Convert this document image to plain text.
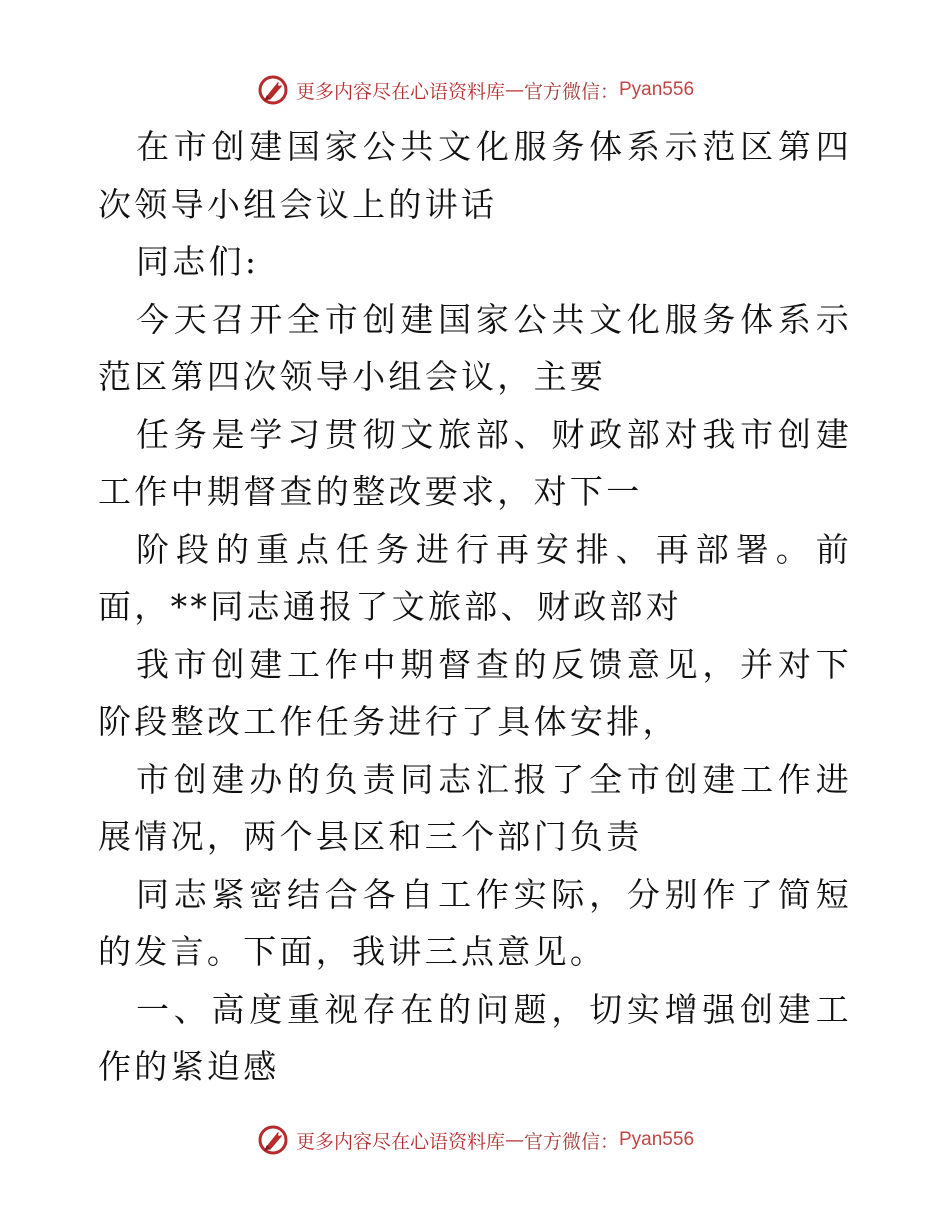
更多内容尽在心语资料库 — 官方微信： Pyan556

在市创建国家公共文化服务体系示范区第四次领导小组会议上的讲话

同志们:

今天召开全市创建国家公共文化服务体系示范区第四次领导小组会议，主要

任务是学习贯彻文旅部、财政部对我市创建工作中期督查的整改要求，对下一

阶段的重点任务进行再安排、再部署。前面，**同志通报了文旅部、财政部对

我市创建工作中期督查的反馈意见，并对下阶段整改工作任务进行了具体安排，

市创建办的负责同志汇报了全市创建工作进展情况，两个县区和三个部门负责

同志紧密结合各自工作实际，分别作了简短的发言。下面，我讲三点意见。

一、高度重视存在的问题，切实增强创建工作的紧迫感

更多内容尽在心语资料库 — 官方微信： Pyan556
